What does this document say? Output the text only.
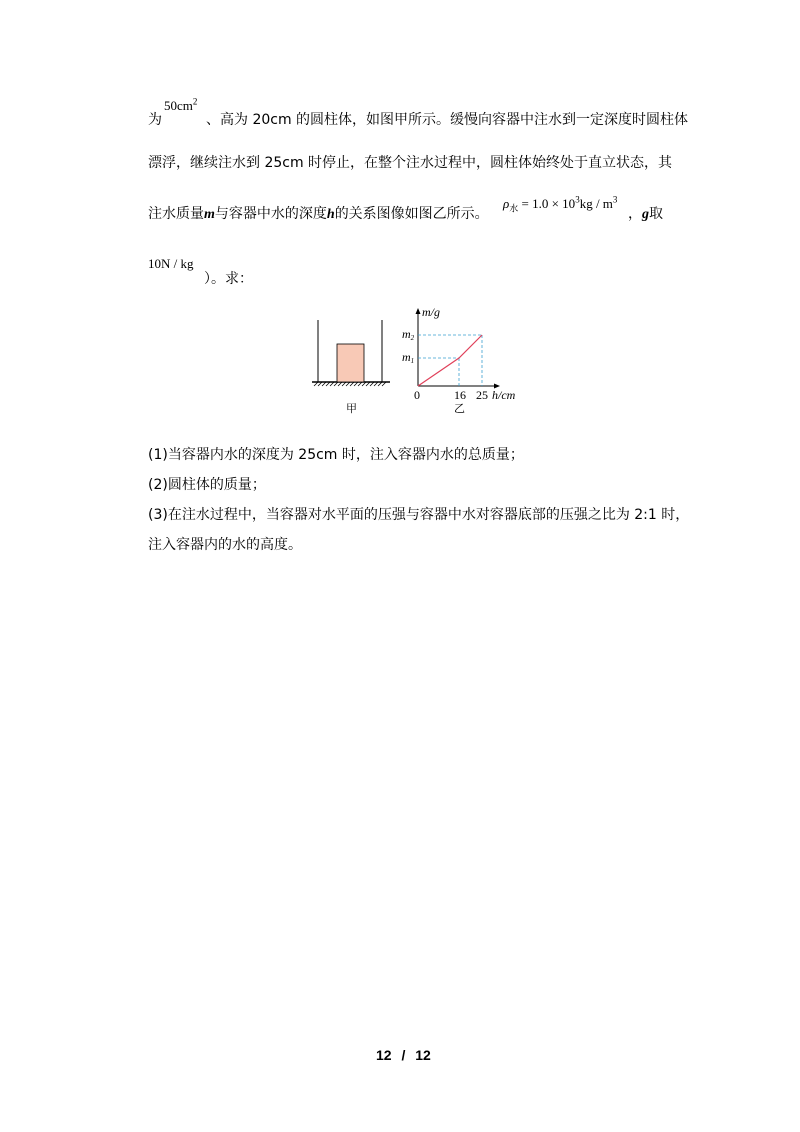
为
$50cm^2$
、高为 20cm 的圆柱体，如图甲所示。缓慢向容器中注水到一定深度时圆柱体
漂浮，继续注水到 25cm 时停止，在整个注水过程中，圆柱体始终处于直立状态，其
注水质量m与容器中水的深度h的关系图像如图乙所示。
$\rho_水 = 1.0 \times 10^3kg / m^3$
，g取
10N / kg
）。求：
m/g
m2
m1
0	16 25 h/cm
甲	乙
(1)当容器内水的深度为 25cm 时，注入容器内水的总质量；
(2)圆柱体的质量；
(3)在注水过程中，当容器对水平面的压强与容器中水对容器底部的压强之比为 2:1 时，
注入容器内的水的高度。
12 / 12
